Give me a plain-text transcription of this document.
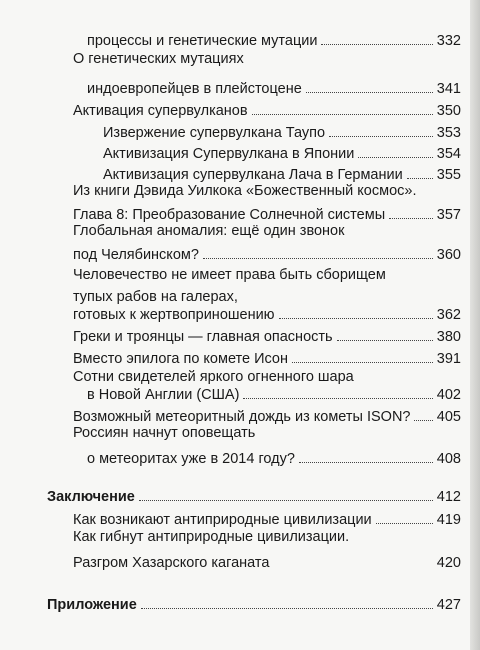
процессы и генетические мутации	332
О генетических мутациях
индоевропейцев в плейстоцене	341
Активация супервулканов	350
Извержение супервулкана Таупо	353
Активизация Супервулкана в Японии	354
Активизация супервулкана Лача в Германии 355
Из книги Дэвида Уилкока «Божественный космос».
Глава 8: Преобразование Солнечной системы	357
Глобальная аномалия: ещё один звонок
под Челябинском?	360
Человечество не имеет права быть сборищем
тупых рабов на галерах,
готовых к жертвоприношению	362
Греки и троянцы — главная опасность	380
Вместо эпилога по комете Исон	391
Сотни свидетелей яркого огненного шара
в Новой Англии (США)	402
Возможный метеоритный дождь из кометы ISON? 405
Россиян начнут оповещать
о метеоритах уже в 2014 году?	408
Заключение	412
Как возникают антиприродные цивилизации	419
Как гибнут антиприродные цивилизации.
Разгром Хазарского каганата	420
Приложение	427
